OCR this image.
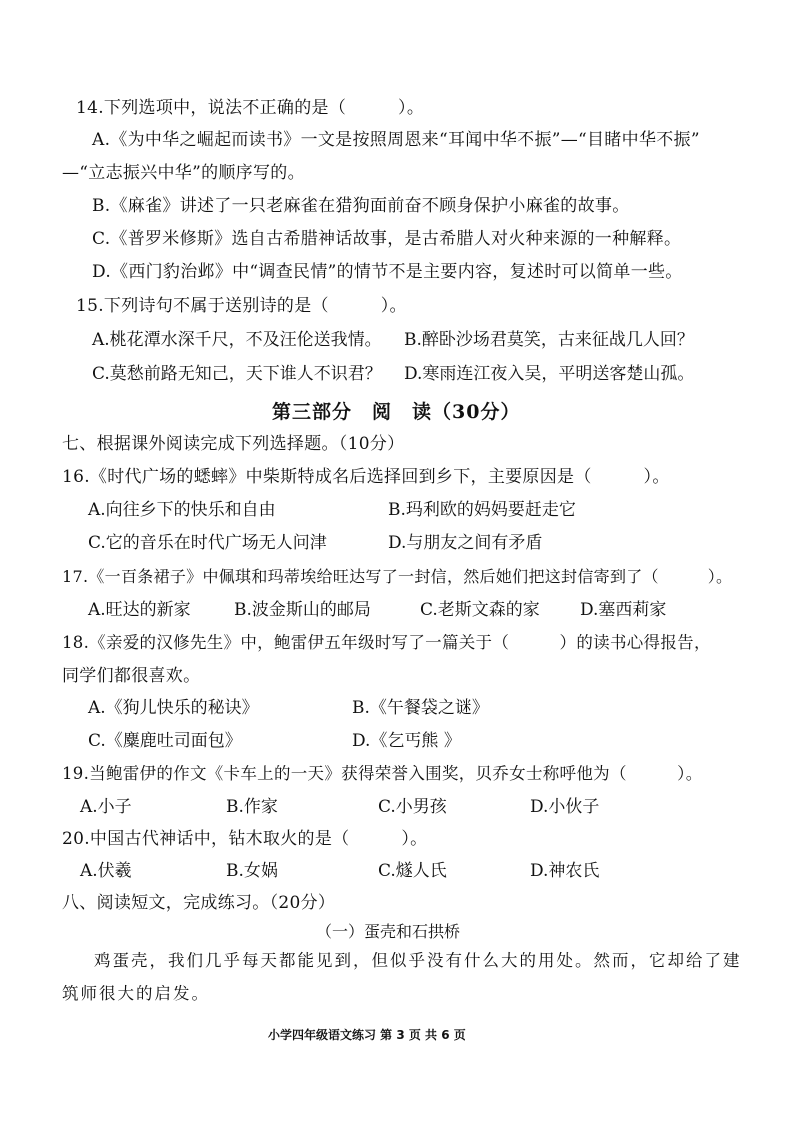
14.下列选项中，说法不正确的是（　　　）。
A.《为中华之崛起而读书》一文是按照周恩来“耳闻中华不振”—“目睹中华不振”
—“立志振兴中华”的顺序写的。
B.《麻雀》讲述了一只老麻雀在猎狗面前奋不顾身保护小麻雀的故事。
C.《普罗米修斯》选自古希腊神话故事，是古希腊人对火种来源的一种解释。
D.《西门豹治邺》中“调查民情”的情节不是主要内容，复述时可以简单一些。
15.下列诗句不属于送别诗的是（　　　）。
A.桃花潭水深千尺，不及汪伦送我情。 B.醉卧沙场君莫笑，古来征战几人回？
C.莫愁前路无知己，天下谁人不识君？ D.寒雨连江夜入吴，平明送客楚山孤。
第三部分　阅　读（30分）
七、根据课外阅读完成下列选择题。（10分）
16.《时代广场的蟋蟀》中柴斯特成名后选择回到乡下，主要原因是（　　　）。
A.向往乡下的快乐和自由	B.玛利欧的妈妈要赶走它
C.它的音乐在时代广场无人问津	D.与朋友之间有矛盾
17.《一百条裙子》中佩琪和玛蒂埃给旺达写了一封信，然后她们把这封信寄到了（　　　）。
A.旺达的新家	B.波金斯山的邮局	C.老斯文森的家 D.塞西莉家
18.《亲爱的汉修先生》中，鲍雷伊五年级时写了一篇关于（　　　）的读书心得报告，
同学们都很喜欢。
A.《狗儿快乐的秘诀》	B.《午餐袋之谜》
C.《麋鹿吐司面包》	D.《乞丐熊 》
19.当鲍雷伊的作文《卡车上的一天》获得荣誉入围奖，贝乔女士称呼他为（　　　）。
A.小子	B.作家	C.小男孩	D.小伙子
20.中国古代神话中，钻木取火的是（　　　）。
A.伏羲	B.女娲	C.燧人氏	D.神农氏
八、阅读短文，完成练习。（20分）
（一）蛋壳和石拱桥
鸡蛋壳，我们几乎每天都能见到，但似乎没有什么大的用处。然而，它却给了建
筑师很大的启发。
小学四年级语文练习 第 3 页 共 6 页
